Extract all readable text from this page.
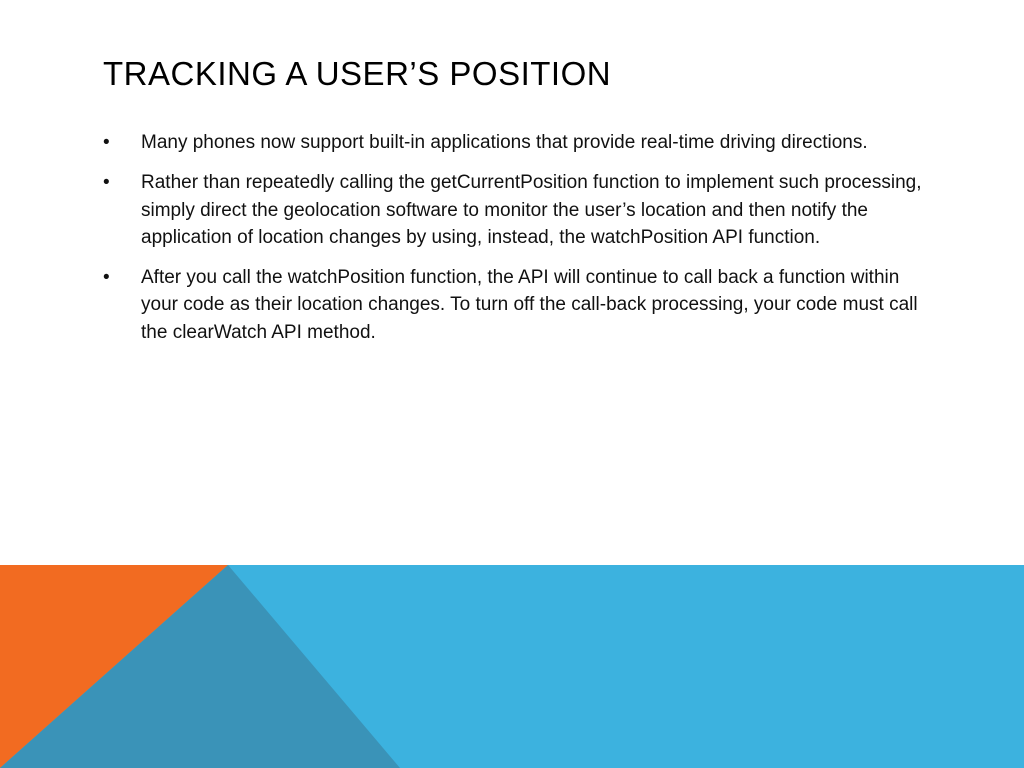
TRACKING A USER’S POSITION
•	Many phones now support built-in applications that provide real-time driving directions.
•	Rather than repeatedly calling the getCurrentPosition function to implement such processing, simply direct the geolocation software to monitor the user’s location and then notify the application of location changes by using, instead, the watchPosition API function.
•	After you call the watchPosition function, the API will continue to call back a function within your code as their location changes. To turn off the call-back processing, your code must call the clearWatch API method.
